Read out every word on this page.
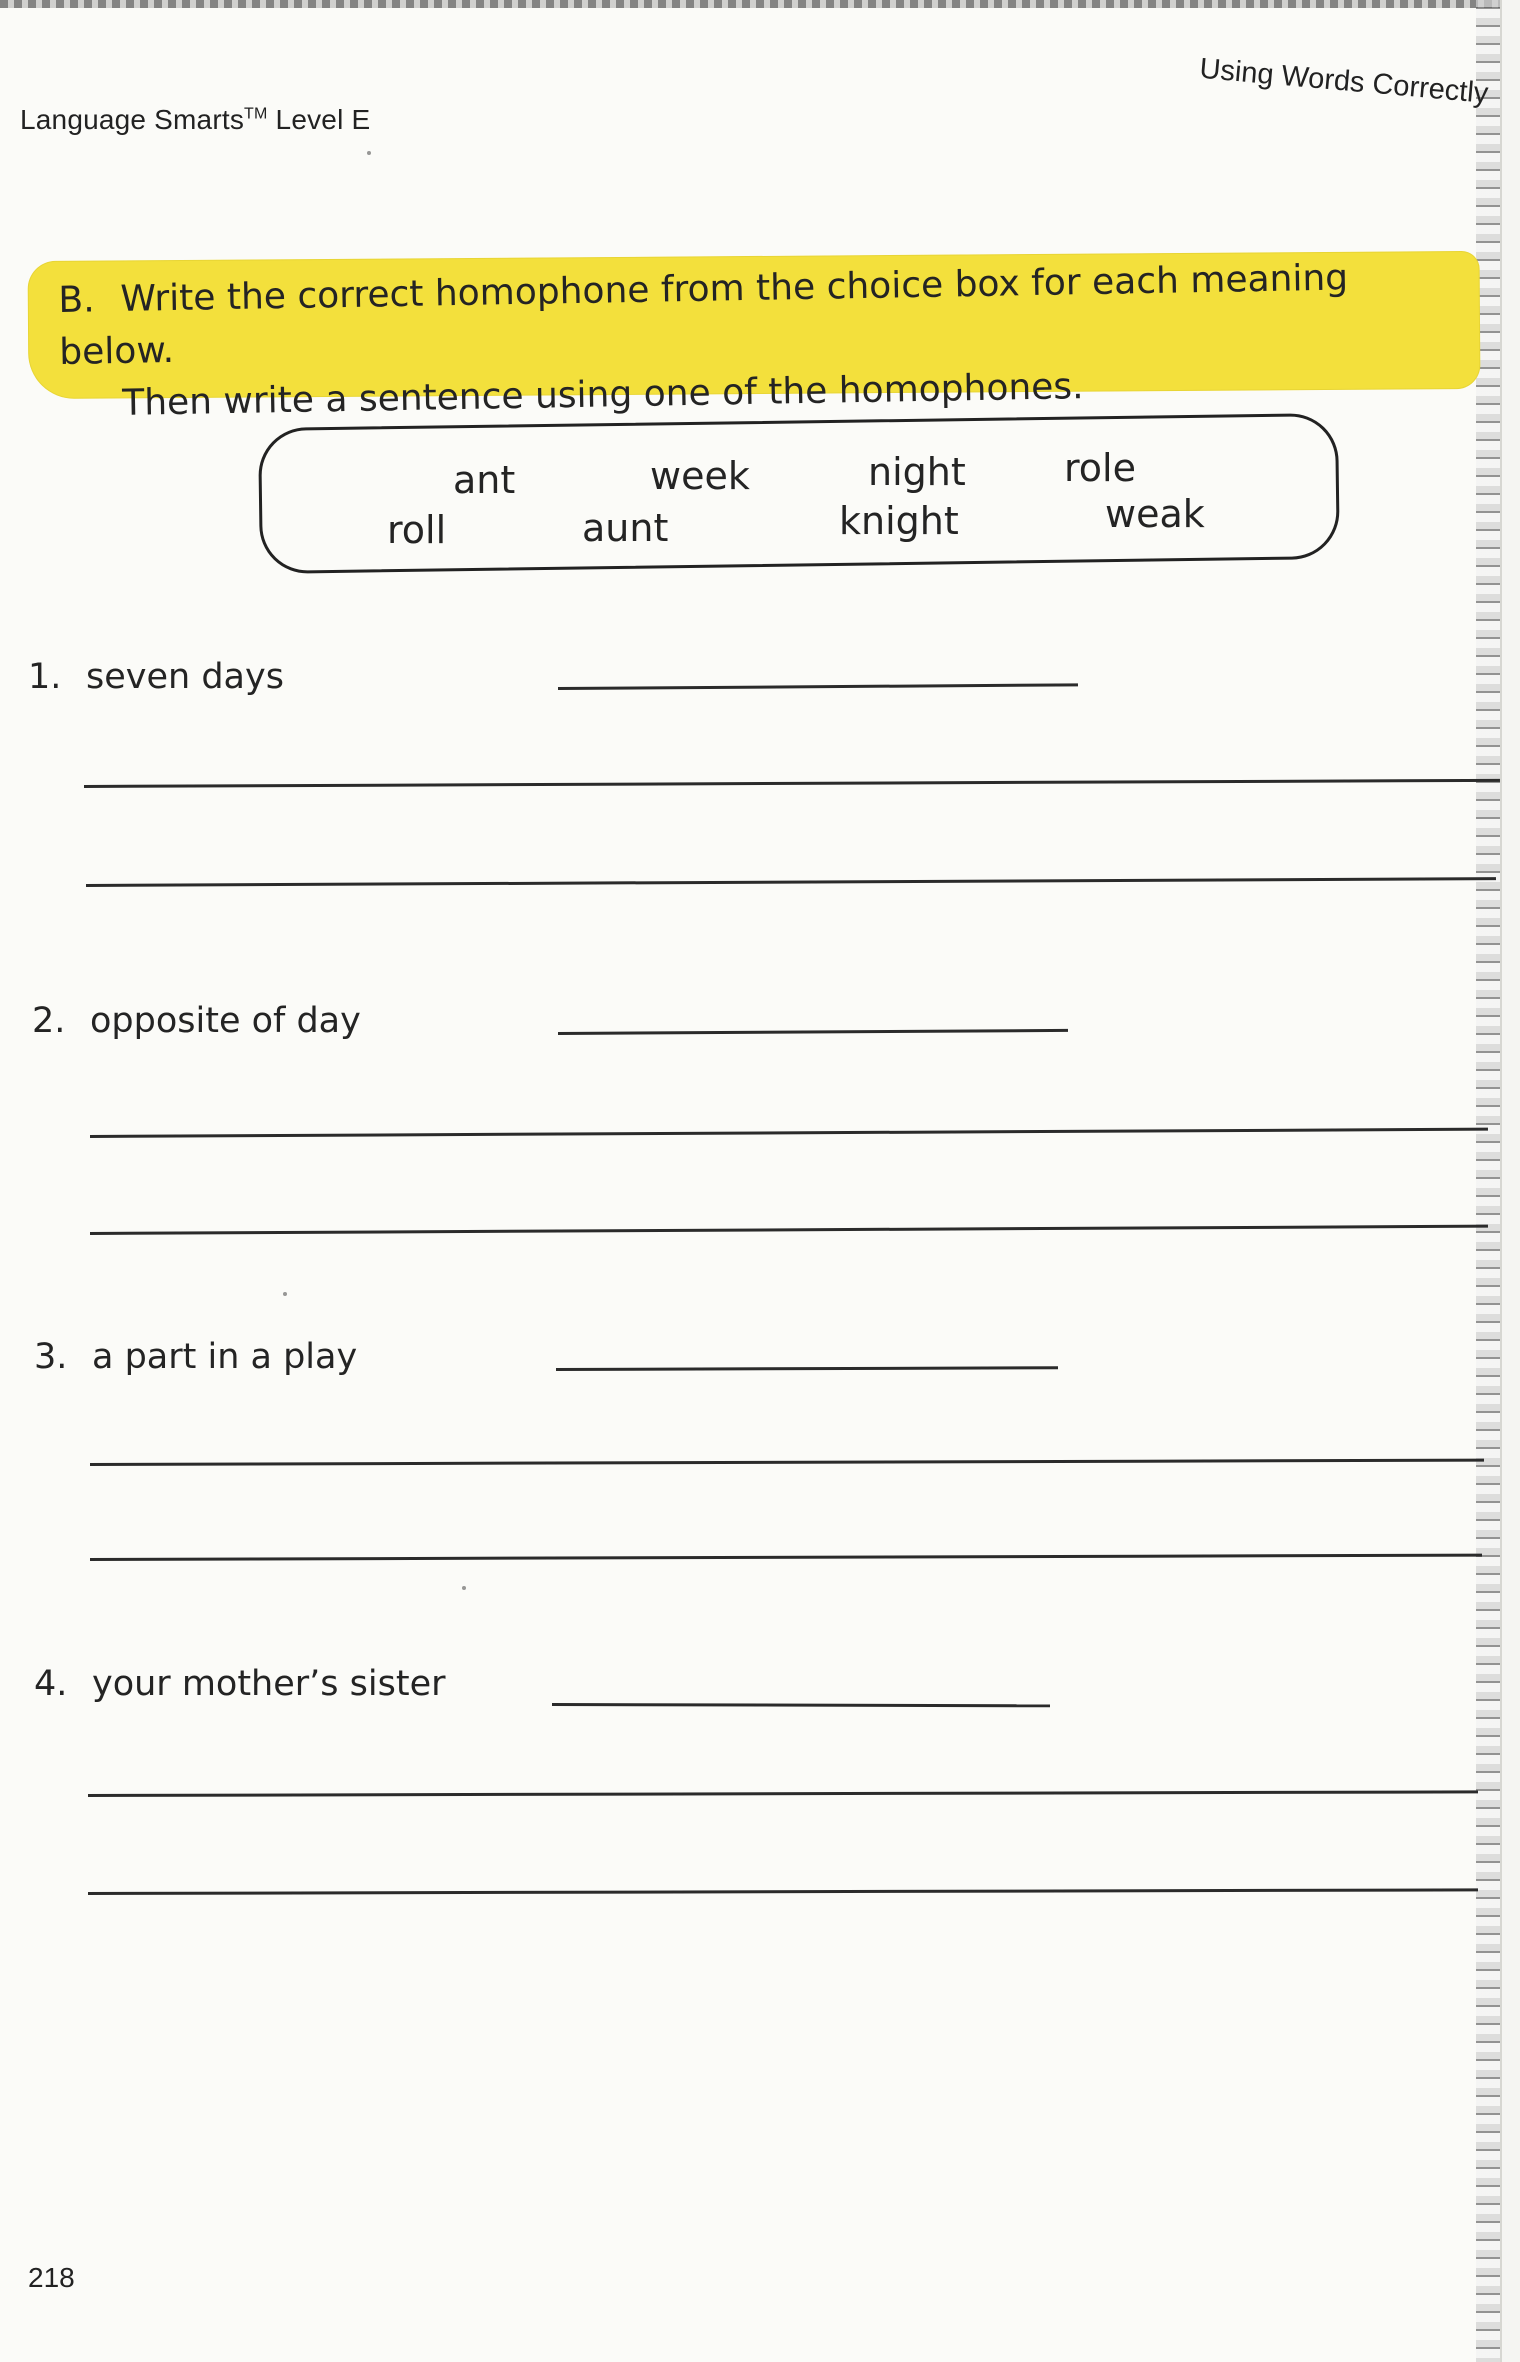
Language Smarts™ Level E
Using Words Correctly
B. Write the correct homophone from the choice box for each meaning below.
Then write a sentence using one of the homophones.
ant	week	night	role
roll	aunt	knight	weak
1. seven days
2. opposite of day
3. a part in a play
4. your mother’s sister
218
